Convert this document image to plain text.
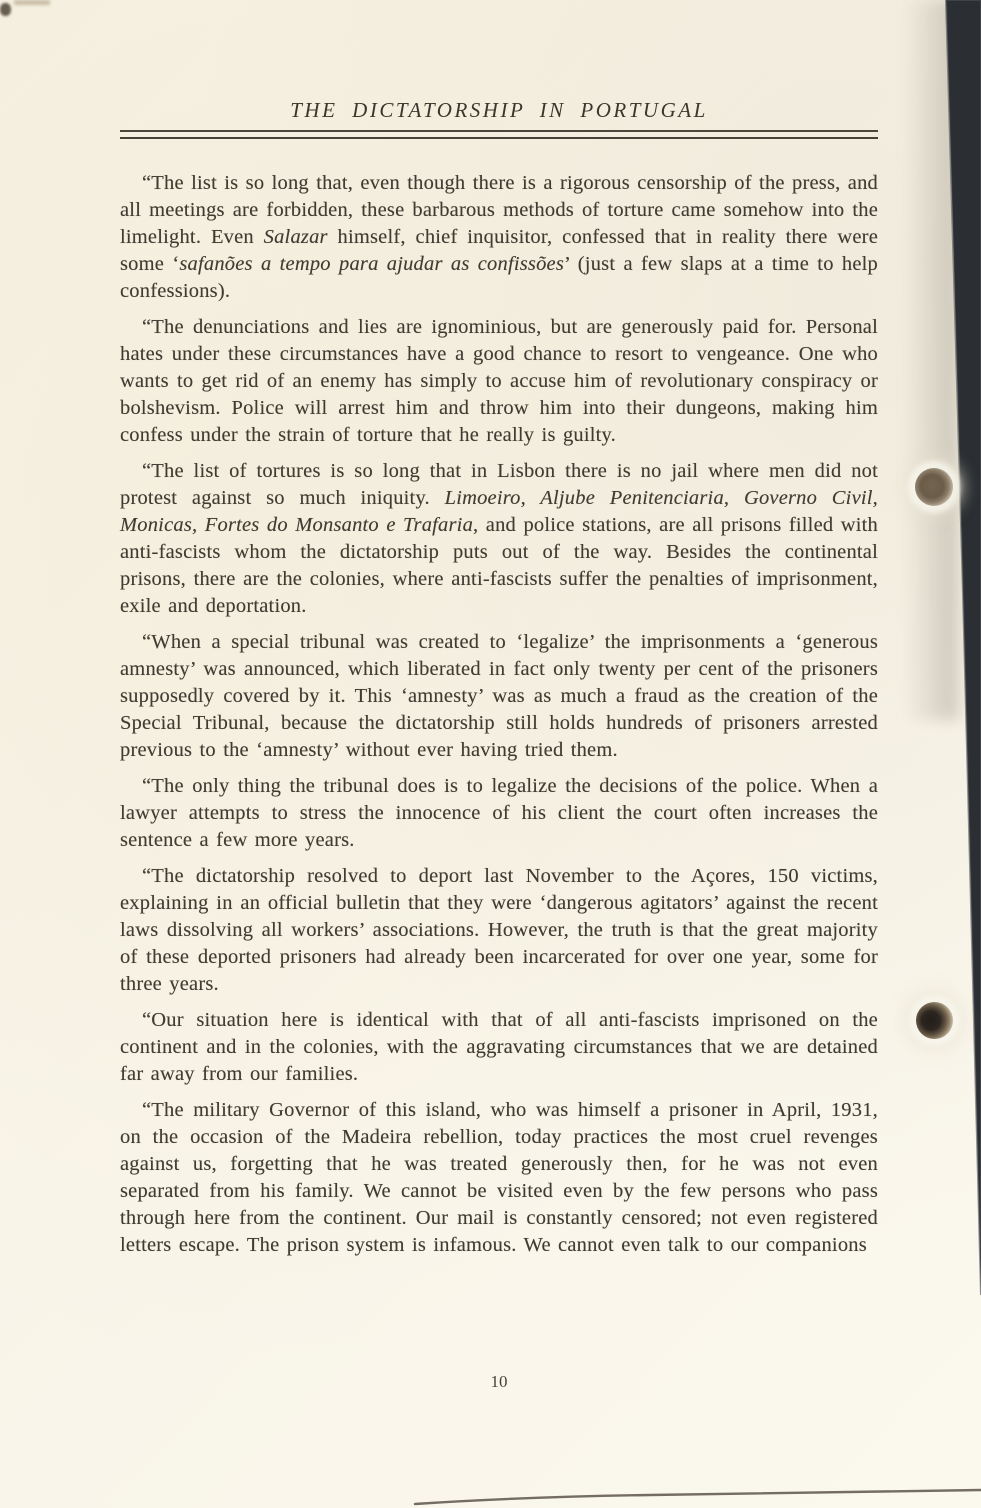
THE DICTATORSHIP IN PORTUGAL

“The list is so long that, even though there is a rigorous censorship of the press, and all meetings are forbidden, these barbarous methods of torture came somehow into the limelight. Even Salazar himself, chief inquisitor, confessed that in reality there were some ‘safanões a tempo para ajudar as confissões’ (just a few slaps at a time to help confessions).

“The denunciations and lies are ignominious, but are generously paid for. Personal hates under these circumstances have a good chance to resort to vengeance. One who wants to get rid of an enemy has simply to accuse him of revolutionary conspiracy or bolshevism. Police will arrest him and throw him into their dungeons, making him confess under the strain of torture that he really is guilty.

“The list of tortures is so long that in Lisbon there is no jail where men did not protest against so much iniquity. Limoeiro, Aljube Penitenciaria, Governo Civil, Monicas, Fortes do Monsanto e Trafaria, and police stations, are all prisons filled with anti-fascists whom the dictatorship puts out of the way. Besides the continental prisons, there are the colonies, where anti-fascists suffer the penalties of imprisonment, exile and deportation.

“When a special tribunal was created to ‘legalize’ the imprisonments a ‘generous amnesty’ was announced, which liberated in fact only twenty per cent of the prisoners supposedly covered by it. This ‘amnesty’ was as much a fraud as the creation of the Special Tribunal, because the dictatorship still holds hundreds of prisoners arrested previous to the ‘amnesty’ without ever having tried them.

“The only thing the tribunal does is to legalize the decisions of the police. When a lawyer attempts to stress the innocence of his client the court often increases the sentence a few more years.

“The dictatorship resolved to deport last November to the Açores, 150 victims, explaining in an official bulletin that they were ‘dangerous agitators’ against the recent laws dissolving all workers’ associations. However, the truth is that the great majority of these deported prisoners had already been incarcerated for over one year, some for three years.

“Our situation here is identical with that of all anti-fascists imprisoned on the continent and in the colonies, with the aggravating circumstances that we are detained far away from our families.

“The military Governor of this island, who was himself a prisoner in April, 1931, on the occasion of the Madeira rebellion, today practices the most cruel revenges against us, forgetting that he was treated generously then, for he was not even separated from his family. We cannot be visited even by the few persons who pass through here from the continent. Our mail is constantly censored; not even registered letters escape. The prison system is infamous. We cannot even talk to our companions

10
